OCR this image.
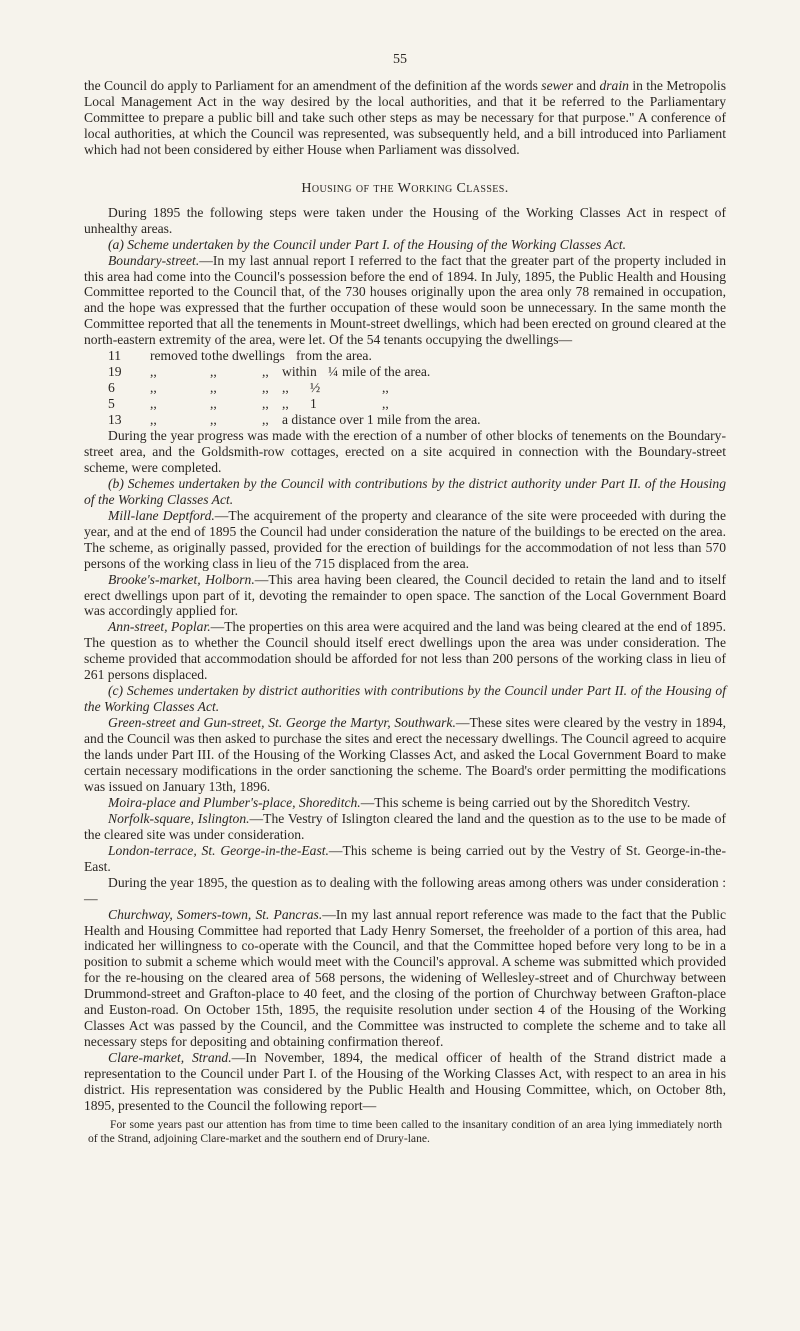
55

the Council do apply to Parliament for an amendment of the definition af the words sewer and drain in the Metropolis Local Management Act in the way desired by the local authorities, and that it be referred to the Parliamentary Committee to prepare a public bill and take such other steps as may be necessary for that purpose." A conference of local authorities, at which the Council was represented, was subsequently held, and a bill introduced into Parliament which had not been considered by either House when Parliament was dissolved.

Housing of the Working Classes.

During 1895 the following steps were taken under the Housing of the Working Classes Act in respect of unhealthy areas.

(a) Scheme undertaken by the Council under Part I. of the Housing of the Working Classes Act.

Boundary-street.—In my last annual report I referred to the fact that the greater part of the property included in this area had come into the Council's possession before the end of 1894. In July, 1895, the Public Health and Housing Committee reported to the Council that, of the 730 houses originally upon the area only 78 remained in occupation, and the hope was expressed that the further occupation of these would soon be unnecessary. In the same month the Committee reported that all the tenements in Mount-street dwellings, which had been erected on ground cleared at the north-eastern extremity of the area, were let. Of the 54 tenants occupying the dwellings—

11	removed to the dwellings from the area.
19	,,	,,	,, within ¼ mile of the area.
6	,,	,,	,, ,,	½	,,
5	,,	,,	,, ,,	1	,,
13	,,	,,	,, a distance over 1 mile from the area.

During the year progress was made with the erection of a number of other blocks of tenements on the Boundary-street area, and the Goldsmith-row cottages, erected on a site acquired in connection with the Boundary-street scheme, were completed.

(b) Schemes undertaken by the Council with contributions by the district authority under Part II. of the Housing of the Working Classes Act.

Mill-lane Deptford.—The acquirement of the property and clearance of the site were proceeded with during the year, and at the end of 1895 the Council had under consideration the nature of the buildings to be erected on the area. The scheme, as originally passed, provided for the erection of buildings for the accommodation of not less than 570 persons of the working class in lieu of the 715 displaced from the area.

Brooke's-market, Holborn.—This area having been cleared, the Council decided to retain the land and to itself erect dwellings upon part of it, devoting the remainder to open space. The sanction of the Local Government Board was accordingly applied for.

Ann-street, Poplar.—The properties on this area were acquired and the land was being cleared at the end of 1895. The question as to whether the Council should itself erect dwellings upon the area was under consideration. The scheme provided that accommodation should be afforded for not less than 200 persons of the working class in lieu of 261 persons displaced.

(c) Schemes undertaken by district authorities with contributions by the Council under Part II. of the Housing of the Working Classes Act.

Green-street and Gun-street, St. George the Martyr, Southwark.—These sites were cleared by the vestry in 1894, and the Council was then asked to purchase the sites and erect the necessary dwellings. The Council agreed to acquire the lands under Part III. of the Housing of the Working Classes Act, and asked the Local Government Board to make certain necessary modifications in the order sanctioning the scheme. The Board's order permitting the modifications was issued on January 13th, 1896.

Moira-place and Plumber's-place, Shoreditch.—This scheme is being carried out by the Shoreditch Vestry.

Norfolk-square, Islington.—The Vestry of Islington cleared the land and the question as to the use to be made of the cleared site was under consideration.

London-terrace, St. George-in-the-East.—This scheme is being carried out by the Vestry of St. George-in-the-East.

During the year 1895, the question as to dealing with the following areas among others was under consideration :—

Churchway, Somers-town, St. Pancras.—In my last annual report reference was made to the fact that the Public Health and Housing Committee had reported that Lady Henry Somerset, the freeholder of a portion of this area, had indicated her willingness to co-operate with the Council, and that the Committee hoped before very long to be in a position to submit a scheme which would meet with the Council's approval. A scheme was submitted which provided for the re-housing on the cleared area of 568 persons, the widening of Wellesley-street and of Churchway between Drummond-street and Grafton-place to 40 feet, and the closing of the portion of Churchway between Grafton-place and Euston-road. On October 15th, 1895, the requisite resolution under section 4 of the Housing of the Working Classes Act was passed by the Council, and the Committee was instructed to complete the scheme and to take all necessary steps for depositing and obtaining confirmation thereof.

Clare-market, Strand.—In November, 1894, the medical officer of health of the Strand district made a representation to the Council under Part I. of the Housing of the Working Classes Act, with respect to an area in his district. His representation was considered by the Public Health and Housing Committee, which, on October 8th, 1895, presented to the Council the following report—

For some years past our attention has from time to time been called to the insanitary condition of an area lying immediately north of the Strand, adjoining Clare-market and the southern end of Drury-lane.
